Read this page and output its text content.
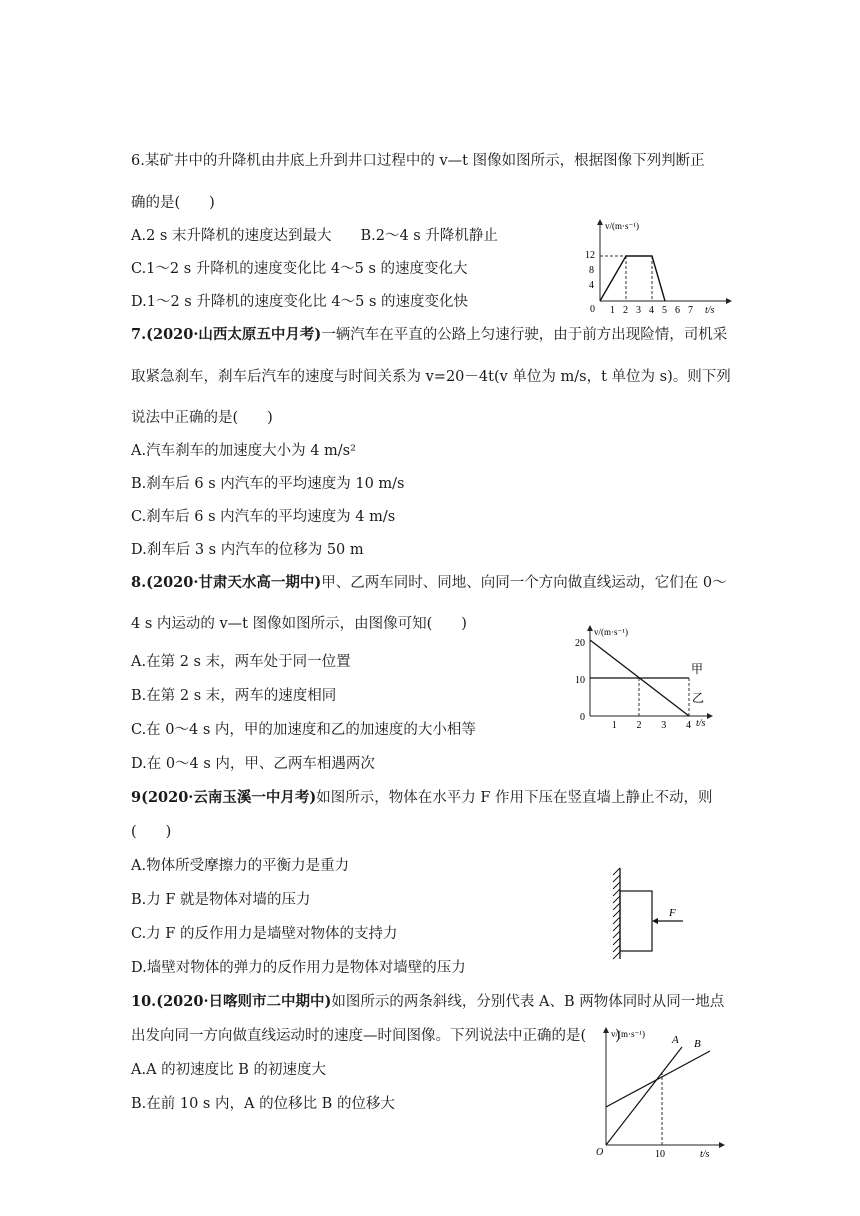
6.某矿井中的升降机由井底上升到井口过程中的 v—t 图像如图所示，根据图像下列判断正
确的是(　　)
A.2 s 末升降机的速度达到最大　　B.2～4 s 升降机静止
C.1～2 s 升降机的速度变化比 4～5 s 的速度变化大
D.1～2 s 升降机的速度变化比 4～5 s 的速度变化快
7.(2020·山西太原五中月考)一辆汽车在平直的公路上匀速行驶，由于前方出现险情，司机采
取紧急刹车，刹车后汽车的速度与时间关系为 v=20－4t(v 单位为 m/s，t 单位为 s)。则下列
说法中正确的是(　　)
A.汽车刹车的加速度大小为 4 m/s²
B.刹车后 6 s 内汽车的平均速度为 10 m/s
C.刹车后 6 s 内汽车的平均速度为 4 m/s
D.刹车后 3 s 内汽车的位移为 50 m
8.(2020·甘肃天水高一期中)甲、乙两车同时、同地、向同一个方向做直线运动，它们在 0～
4 s 内运动的 v—t 图像如图所示，由图像可知(　　)
A.在第 2 s 末，两车处于同一位置
B.在第 2 s 末，两车的速度相同
C.在 0～4 s 内，甲的加速度和乙的加速度的大小相等
D.在 0～4 s 内，甲、乙两车相遇两次
9(2020·云南玉溪一中月考)如图所示，物体在水平力 F 作用下压在竖直墙上静止不动，则
(　　)
A.物体所受摩擦力的平衡力是重力
B.力 F 就是物体对墙的压力
C.力 F 的反作用力是墙壁对物体的支持力
D.墙壁对物体的弹力的反作用力是物体对墙壁的压力
10.(2020·日喀则市二中期中)如图所示的两条斜线，分别代表 A、B 两物体同时从同一地点
出发向同一方向做直线运动时的速度—时间图像。下列说法中正确的是(　　)
A.A 的初速度比 B 的初速度大
B.在前 10 s 内，A 的位移比 B 的位移大
v/(m·s⁻¹)
12
8
4
0 1 2 3 4 5 6 7 t/s
v/(m·s⁻¹)
20
10
0
1 2 3 4 t/s
甲
乙
F
v/(m·s⁻¹)
O	10	t/s
A B
